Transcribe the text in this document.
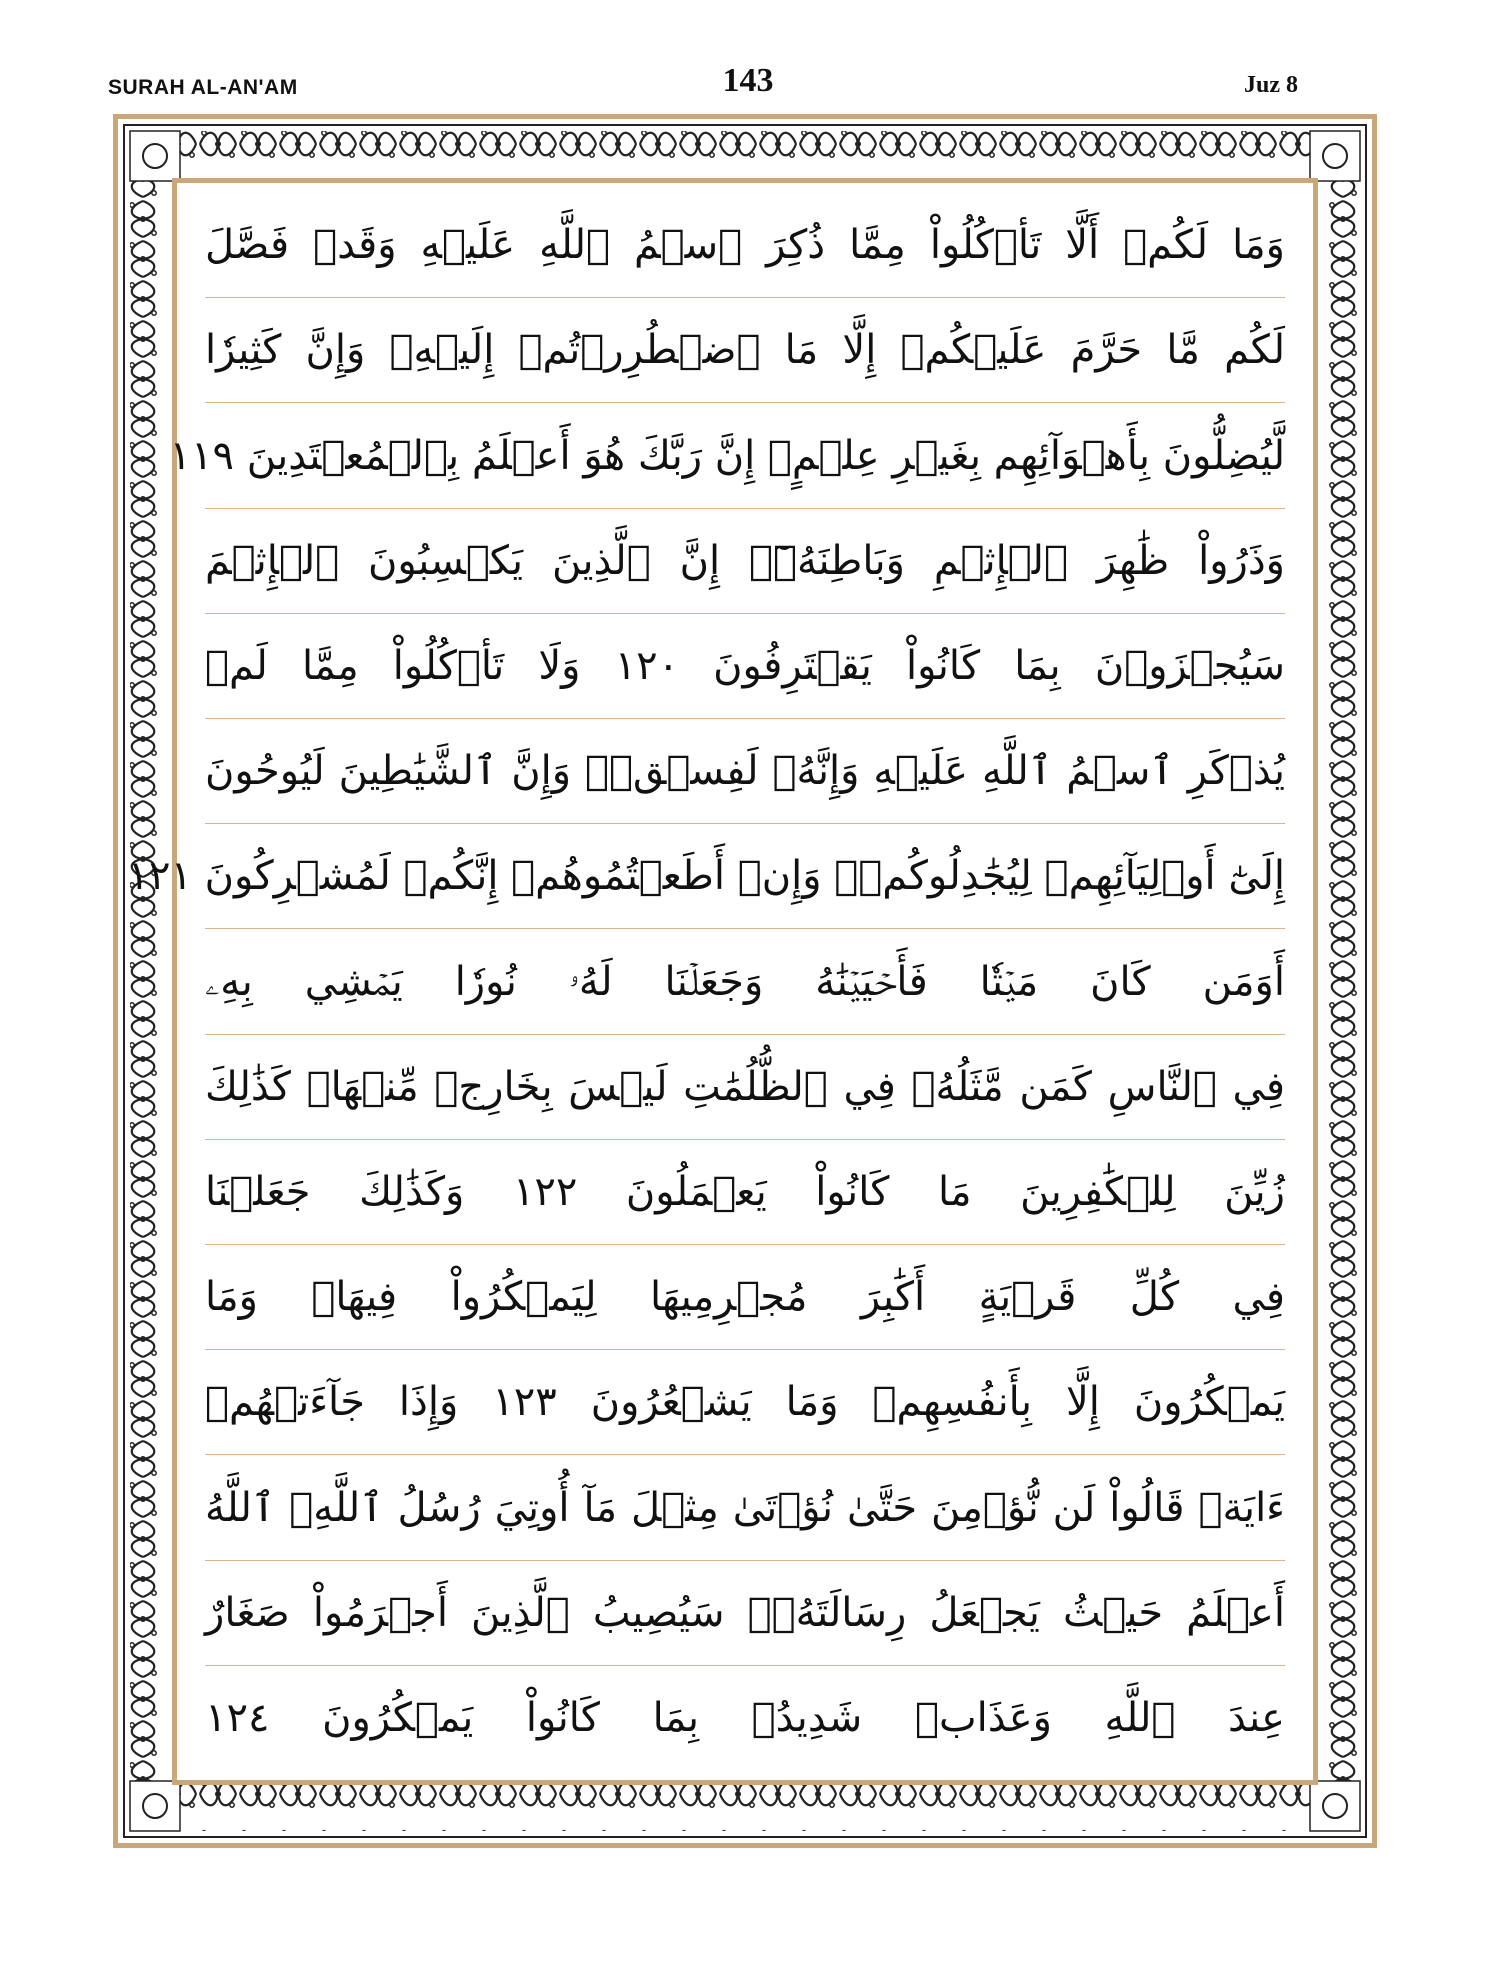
SURAH AL-AN'AM	143	Juz 8
وَمَا لَكُمۡ أَلَّا تَأۡكُلُواْ مِمَّا ذُكِرَ ٱسۡمُ ٱللَّهِ عَلَيۡهِ وَقَدۡ فَصَّلَ
لَكُم مَّا حَرَّمَ عَلَيۡكُمۡ إِلَّا مَا ٱضۡطُرِرۡتُمۡ إِلَيۡهِۗ وَإِنَّ كَثِيرٗا
لَّيُضِلُّونَ بِأَهۡوَآئِهِم بِغَيۡرِ عِلۡمٍۗ إِنَّ رَبَّكَ هُوَ أَعۡلَمُ بِٱلۡمُعۡتَدِينَ ١١٩
وَذَرُواْ ظَٰهِرَ ٱلۡإِثۡمِ وَبَاطِنَهُۥٓۚ إِنَّ ٱلَّذِينَ يَكۡسِبُونَ ٱلۡإِثۡمَ
سَيُجۡزَوۡنَ بِمَا كَانُواْ يَقۡتَرِفُونَ ١٢٠ وَلَا تَأۡكُلُواْ مِمَّا لَمۡ
يُذۡكَرِ ٱسۡمُ ٱللَّهِ عَلَيۡهِ وَإِنَّهُۥ لَفِسۡقٞۗ وَإِنَّ ٱلشَّيَٰطِينَ لَيُوحُونَ
إِلَىٰٓ أَوۡلِيَآئِهِمۡ لِيُجَٰدِلُوكُمۡۖ وَإِنۡ أَطَعۡتُمُوهُمۡ إِنَّكُمۡ لَمُشۡرِكُونَ ١٢١
أَوَمَن كَانَ مَيۡتٗا فَأَحۡيَيۡنَٰهُ وَجَعَلۡنَا لَهُۥ نُورٗا يَمۡشِي بِهِۦ
فِي ٱلنَّاسِ كَمَن مَّثَلُهُۥ فِي ٱلظُّلُمَٰتِ لَيۡسَ بِخَارِجٖ مِّنۡهَاۚ كَذَٰلِكَ
زُيِّنَ لِلۡكَٰفِرِينَ مَا كَانُواْ يَعۡمَلُونَ ١٢٢ وَكَذَٰلِكَ جَعَلۡنَا
فِي كُلِّ قَرۡيَةٍ أَكَٰبِرَ مُجۡرِمِيهَا لِيَمۡكُرُواْ فِيهَاۖ وَمَا
يَمۡكُرُونَ إِلَّا بِأَنفُسِهِمۡ وَمَا يَشۡعُرُونَ ١٢٣ وَإِذَا جَآءَتۡهُمۡ
ءَايَةٞ قَالُواْ لَن نُّؤۡمِنَ حَتَّىٰ نُؤۡتَىٰ مِثۡلَ مَآ أُوتِيَ رُسُلُ ٱللَّهِۘ ٱللَّهُ
أَعۡلَمُ حَيۡثُ يَجۡعَلُ رِسَالَتَهُۥۗ سَيُصِيبُ ٱلَّذِينَ أَجۡرَمُواْ صَغَارٌ
عِندَ ٱللَّهِ وَعَذَابٞ شَدِيدُۢ بِمَا كَانُواْ يَمۡكُرُونَ ١٢٤
